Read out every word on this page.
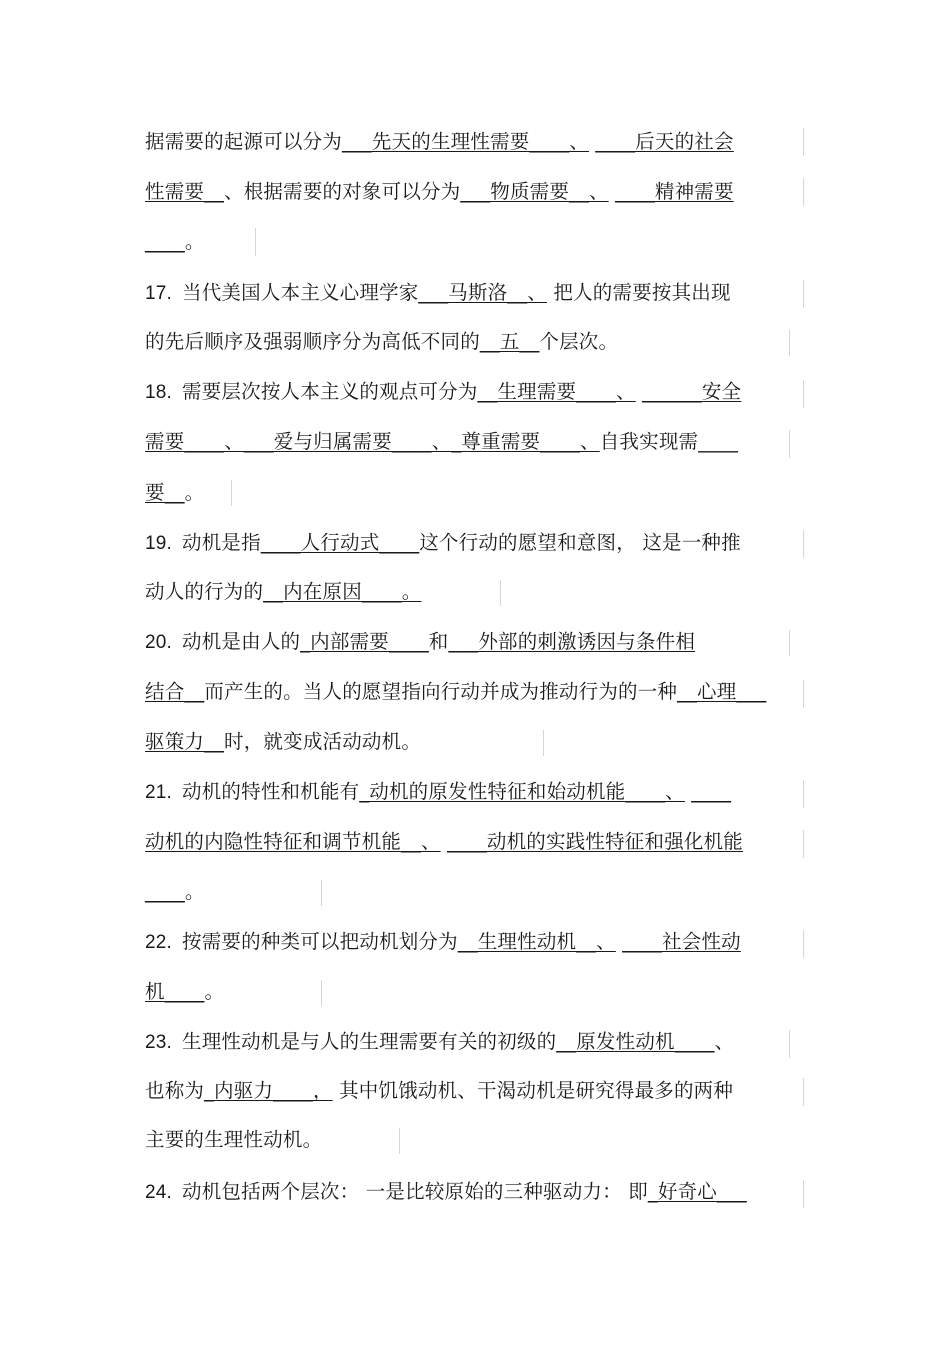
据需要的起源可以分为___先天的生理性需要____、 ____后天的社会
性需要__、根据需要的对象可以分为___物质需要__、 ____精神需要
____。
17. 当代美国人本主义心理学家___马斯洛__、 把人的需要按其出现
的先后顺序及强弱顺序分为高低不同的__五__个层次。
18. 需要层次按人本主义的观点可分为__生理需要____、 ______安全
需要____、___爱与归属需要____、_尊重需要____、自我实现需____
要__。
19. 动机是指____人行动式____这个行动的愿望和意图， 这是一种推
动人的行为的__内在原因____。
20. 动机是由人的_内部需要____和___外部的刺激诱因与条件相
结合__而产生的。当人的愿望指向行动并成为推动行为的一种__心理___
驱策力__时，就变成活动动机。
21. 动机的特性和机能有_动机的原发性特征和始动机能____、 ____
动机的内隐性特征和调节机能__、 ____动机的实践性特征和强化机能
____。
22. 按需要的种类可以把动机划分为__生理性动机__、 ____社会性动
机____。
23. 生理性动机是与人的生理需要有关的初级的__原发性动机____、
也称为_内驱力____， 其中饥饿动机、干渴动机是研究得最多的两种
主要的生理性动机。
24. 动机包括两个层次： 一是比较原始的三种驱动力： 即_好奇心___
